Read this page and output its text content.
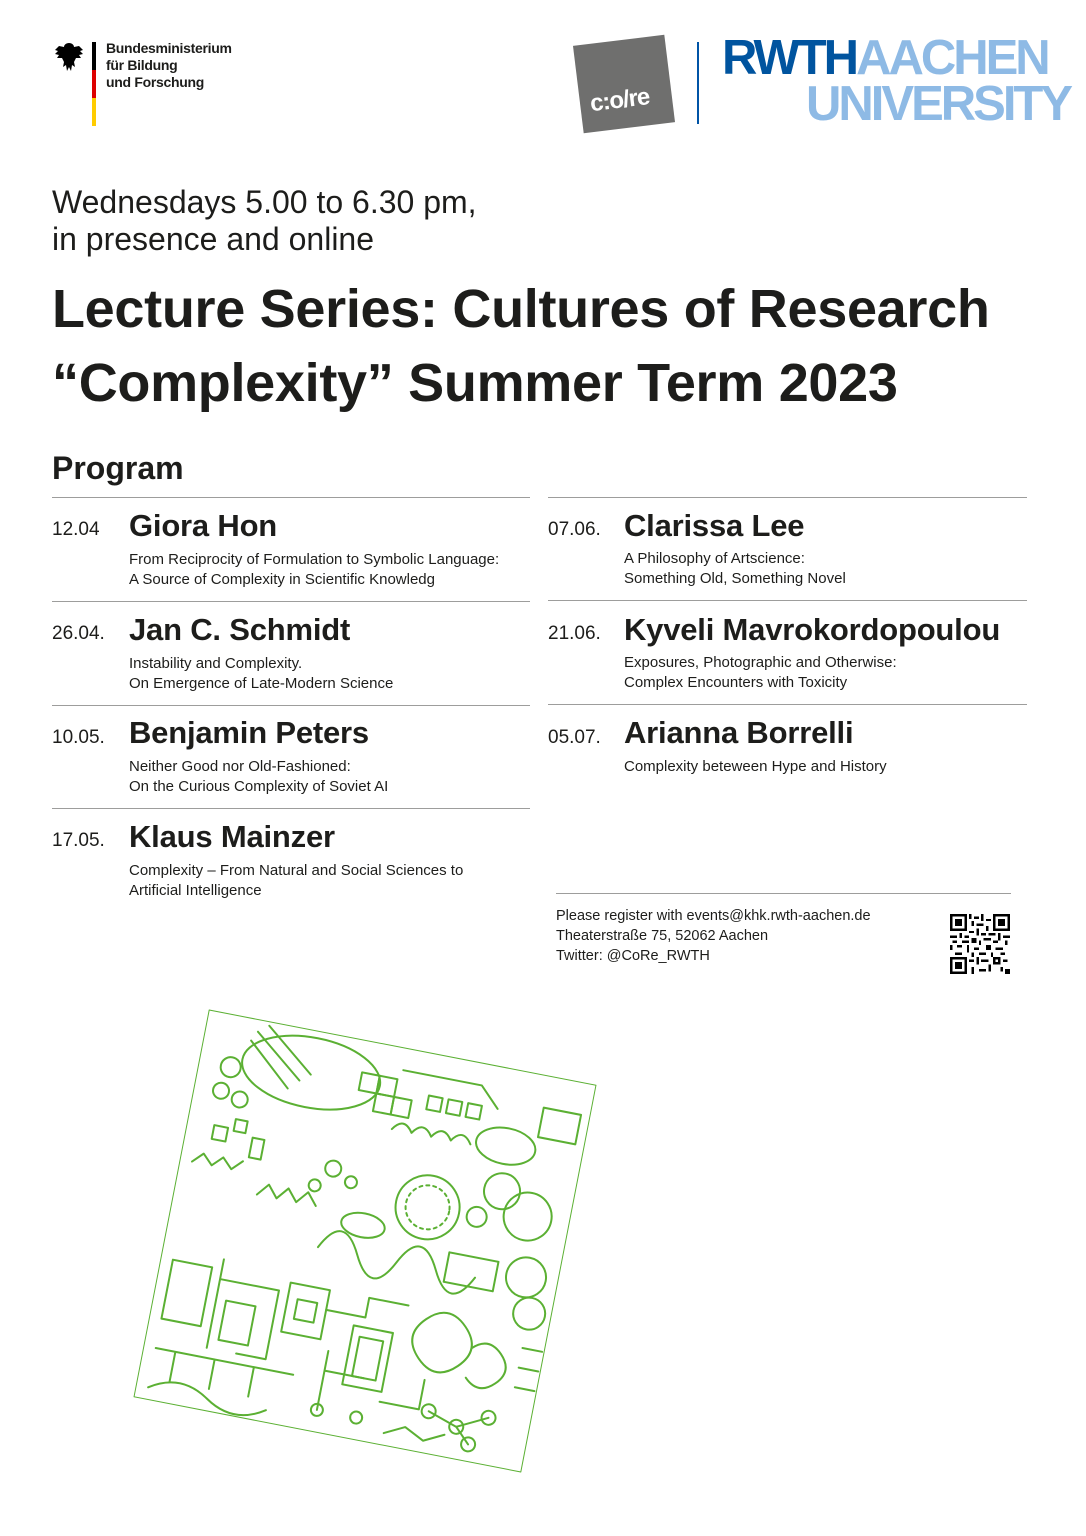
Bundesministerium
für Bildung
und Forschung
c:o/re
RWTHAACHEN
UNIVERSITY
Wednesdays 5.00 to 6.30 pm,
in presence and online
Lecture Series: Cultures of Research
“Complexity” Summer Term 2023
Program
12.04 Giora Hon
From Reciprocity of Formulation to Symbolic Language:
A Source of Complexity in Scientific Knowledg
26.04. Jan C. Schmidt
Instability and Complexity.
On Emergence of Late-Modern Science
10.05. Benjamin Peters
Neither Good nor Old-Fashioned:
On the Curious Complexity of Soviet AI
17.05. Klaus Mainzer
Complexity – From Natural and Social Sciences to
Artificial Intelligence
07.06. Clarissa Lee
A Philosophy of Artscience:
Something Old, Something Novel
21.06. Kyveli Mavrokordopoulou
Exposures, Photographic and Otherwise:
Complex Encounters with Toxicity
05.07. Arianna Borrelli
Complexity beteween Hype and History
Please register with events@khk.rwth-aachen.de
Theaterstraße 75, 52062 Aachen
Twitter: @CoRe_RWTH
